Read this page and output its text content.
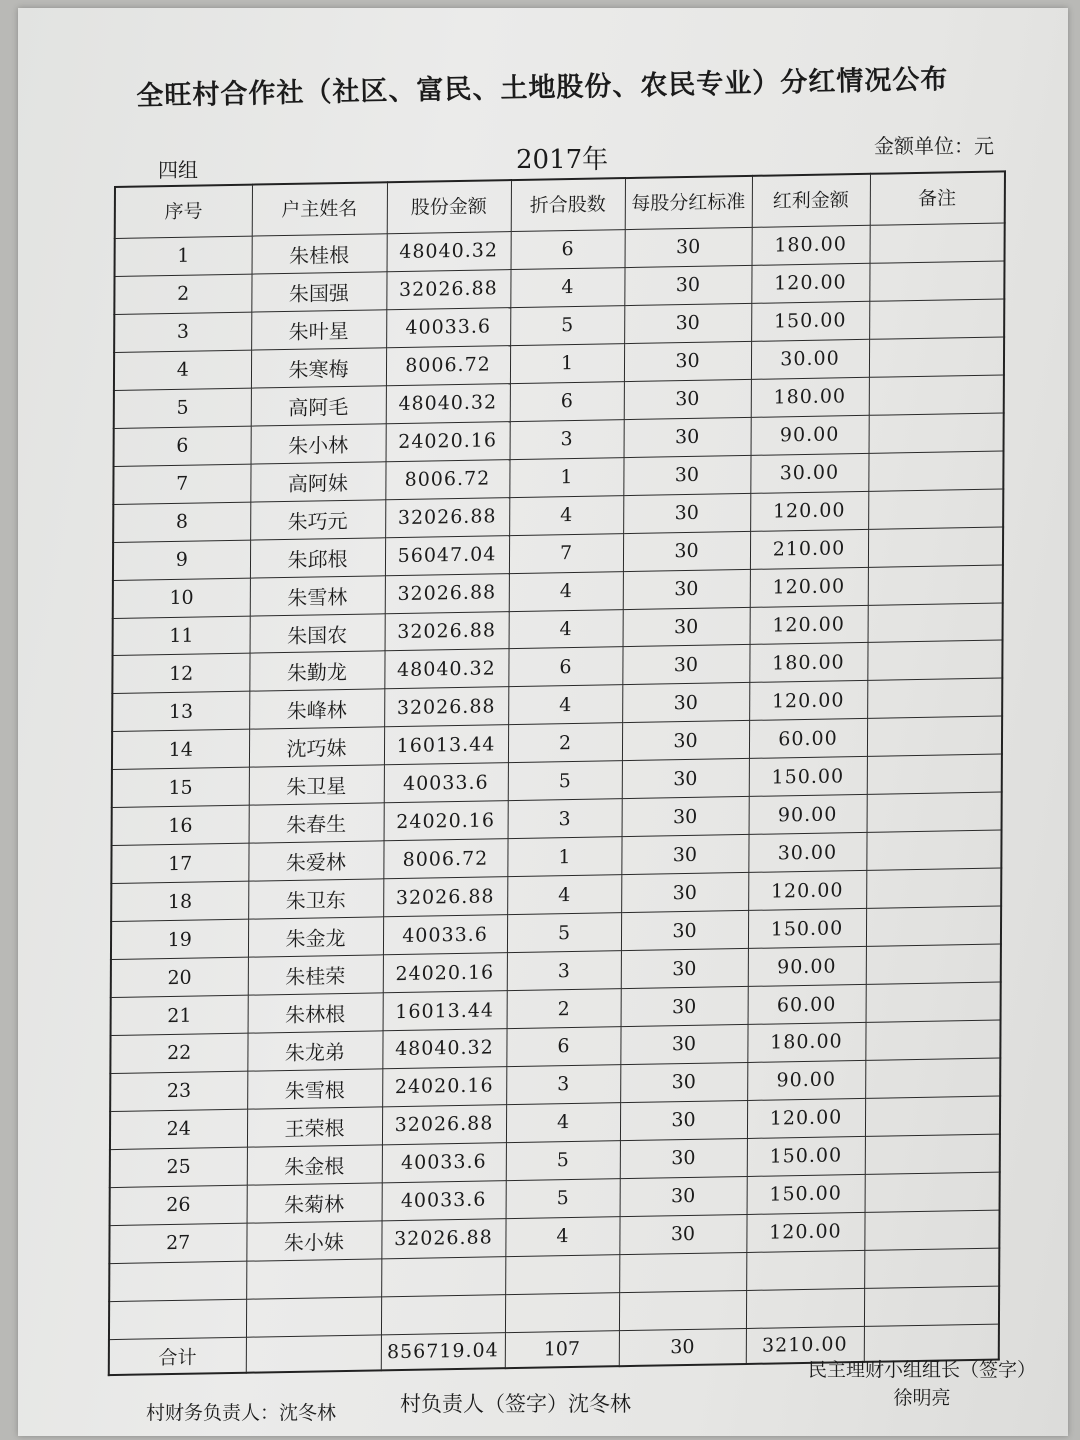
全旺村合作社（社区、富民、土地股份、农民专业）分红情况公布
四组	2017年	金额单位：元
序号	户主姓名	股份金额	折合股数	每股分红标准	红利金额	备注
1	朱桂根	48040.32	6	30	180.00	
2	朱国强	32026.88	4	30	120.00	
3	朱叶星	40033.6	5	30	150.00	
4	朱寒梅	8006.72	1	30	30.00	
5	高阿毛	48040.32	6	30	180.00	
6	朱小林	24020.16	3	30	90.00	
7	高阿妹	8006.72	1	30	30.00	
8	朱巧元	32026.88	4	30	120.00	
9	朱邱根	56047.04	7	30	210.00	
10	朱雪林	32026.88	4	30	120.00	
11	朱国农	32026.88	4	30	120.00	
12	朱勤龙	48040.32	6	30	180.00	
13	朱峰林	32026.88	4	30	120.00	
14	沈巧妹	16013.44	2	30	60.00	
15	朱卫星	40033.6	5	30	150.00	
16	朱春生	24020.16	3	30	90.00	
17	朱爱林	8006.72	1	30	30.00	
18	朱卫东	32026.88	4	30	120.00	
19	朱金龙	40033.6	5	30	150.00	
20	朱桂荣	24020.16	3	30	90.00	
21	朱林根	16013.44	2	30	60.00	
22	朱龙弟	48040.32	6	30	180.00	
23	朱雪根	24020.16	3	30	90.00	
24	王荣根	32026.88	4	30	120.00	
25	朱金根	40033.6	5	30	150.00	
26	朱菊林	40033.6	5	30	150.00	
27	朱小妹	32026.88	4	30	120.00	

合计		856719.04	107	30	3210.00	
村财务负责人：沈冬林	村负责人（签字）沈冬林
民主理财小组组长（签字）
徐明亮
